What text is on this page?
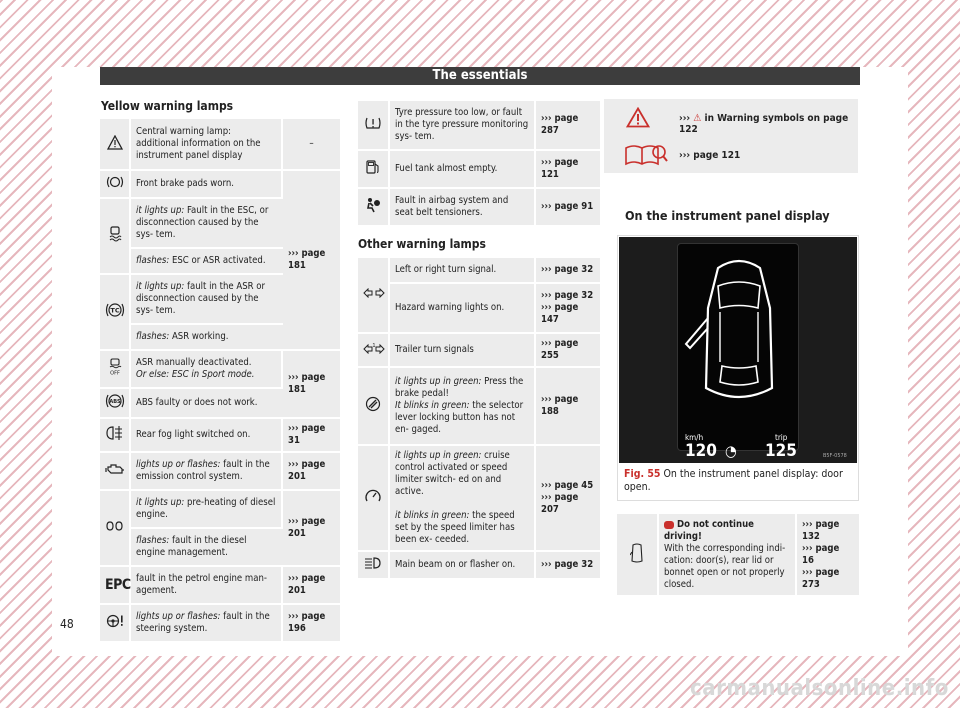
The essentials
Yellow warning lamps
	Central warning lamp: additional information on the instrument panel display	–

	Front brake pads worn.	››› page 181

	it lights up: Fault in the ESC, or disconnection caused by the sys- tem.	
	flashes: ESC or ASR activated.	

TC	it lights up: fault in the ASR or disconnection caused by the sys- tem.	
	flashes: ASR working.	

OFF	ASR manually deactivated.
Or else: ESC in Sport mode.	››› page 181

ABS	ABS faulty or does not work.	

	Rear fog light switched on.	››› page 31

	lights up or flashes: fault in the emission control system.	››› page 201

	it lights up: pre-heating of diesel engine.	››› page 201
	flashes: fault in the diesel engine management.	
EPC	fault in the petrol engine man- agement.	››› page 201

	lights up or flashes: fault in the steering system.	››› page 196
	Tyre pressure too low, or fault in the tyre pressure monitoring sys- tem.	››› page 287

	Fuel tank almost empty.	››› page 121

	Fault in airbag system and seat belt tensioners.	››› page 91
Other warning lamps
	Left or right turn signal.	››› page 32
	Hazard warning lights on.	››› page 32
››› page 147

1	Trailer turn signals	››› page 255

	it lights up in green: Press the brake pedal!
It blinks in green: the selector lever locking button has not en- gaged.	››› page 188

	it lights up in green: cruise control activated or speed limiter switch- ed on and active.

it blinks in green: the speed set by the speed limiter has been ex- ceeded.	››› page 45
››› page 207

	Main beam on or flasher on.	››› page 32
››› ⚠ in Warning symbols on page 122
››› page 121
On the instrument panel display
km/h
120 ◔
trip
125	B5F-0578
Fig. 55 On the instrument panel display: door open.

Do not continue driving!
With the corresponding indi- cation: door(s), rear lid or bonnet open or not properly closed.
	››› page 132
››› page 16
››› page 273
48
carmanualsonline.info
